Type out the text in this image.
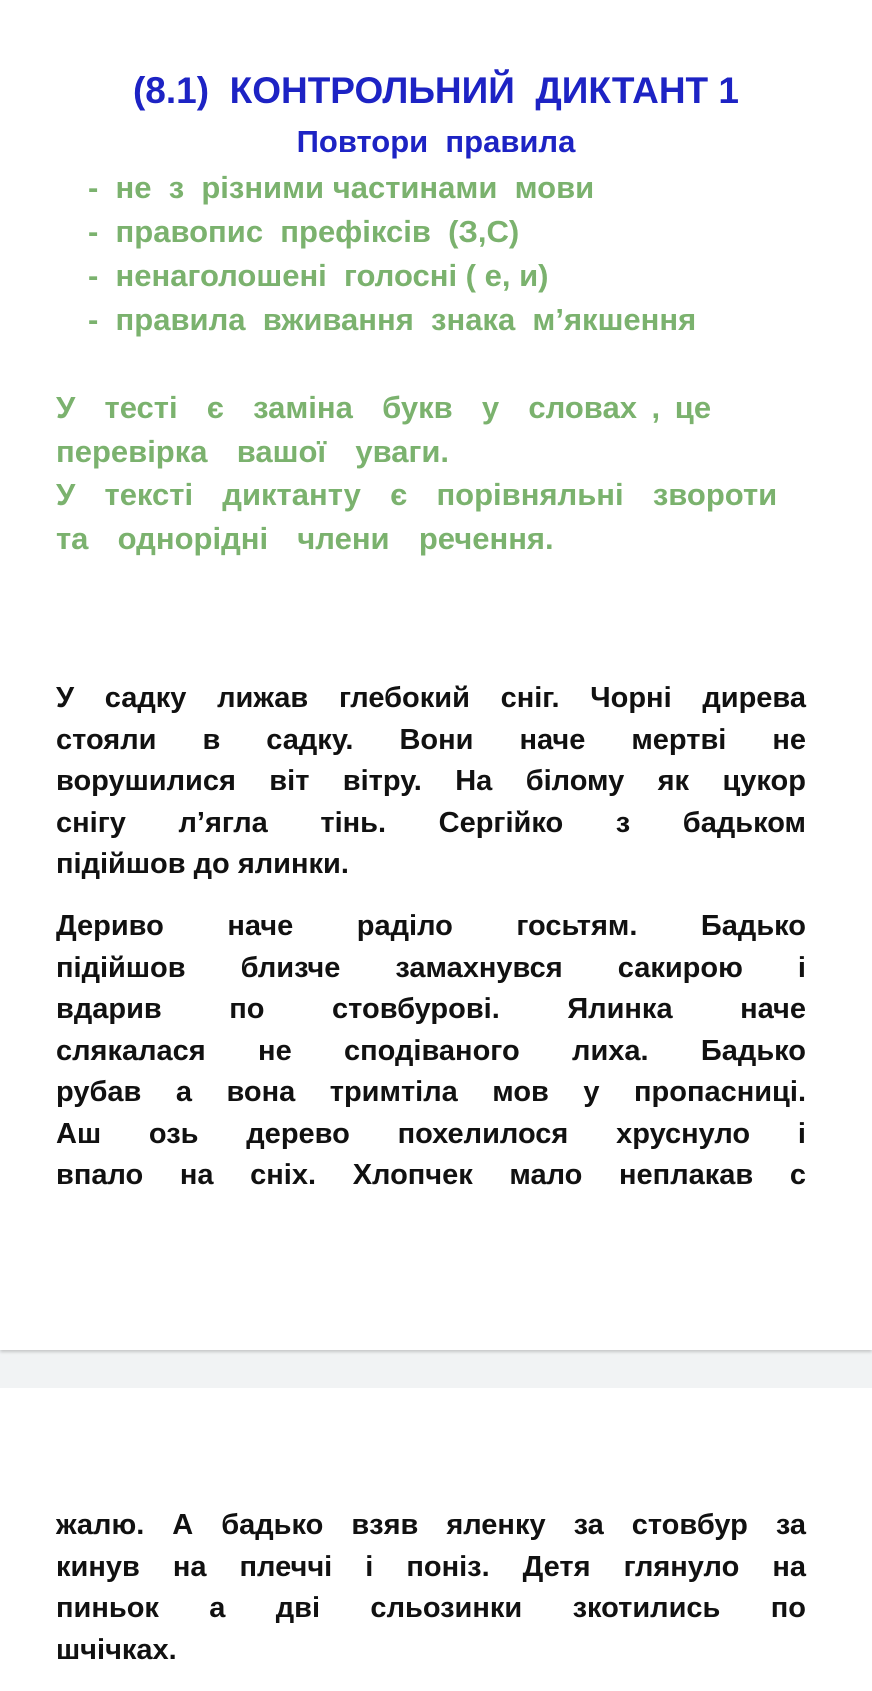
(8.1)  КОНТРОЛЬНИЙ  ДИКТАНТ 1
Повтори  правила
-  не  з  різними частинами  мови
-  правопис  префіксів  (З,С)
-  ненаголошені  голосні ( е, и)
-  правила  вживання  знака  м’якшення
У  тесті  є  заміна  букв  у  словах , це
перевірка  вашої  уваги.
У  тексті  диктанту  є  порівняльні  звороти
та  однорідні  члени  речення.
У садку лижав глебокий сніг. Чорні дирева
стояли в садку. Вони наче мертві не
ворушилися віт вітру. На білому як цукор
снігу л’ягла тінь. Сергійко з бадьком
підійшов до ялинки.
Дериво наче раділо госьтям. Бадько
підійшов близче замахнувся сакирою і
вдарив по стовбурові. Ялинка наче
слякалася не сподіваного лиха. Бадько
рубав а вона тримтіла мов у пропасниці.
Аш озь дерево похелилося хруснуло і
впало на сніх. Хлопчек мало неплакав с
жалю. А бадько взяв яленку за стовбур за
кинув на плеччі і поніз. Детя глянуло на
пиньок а дві сльозинки зкотились по
шчічках.
